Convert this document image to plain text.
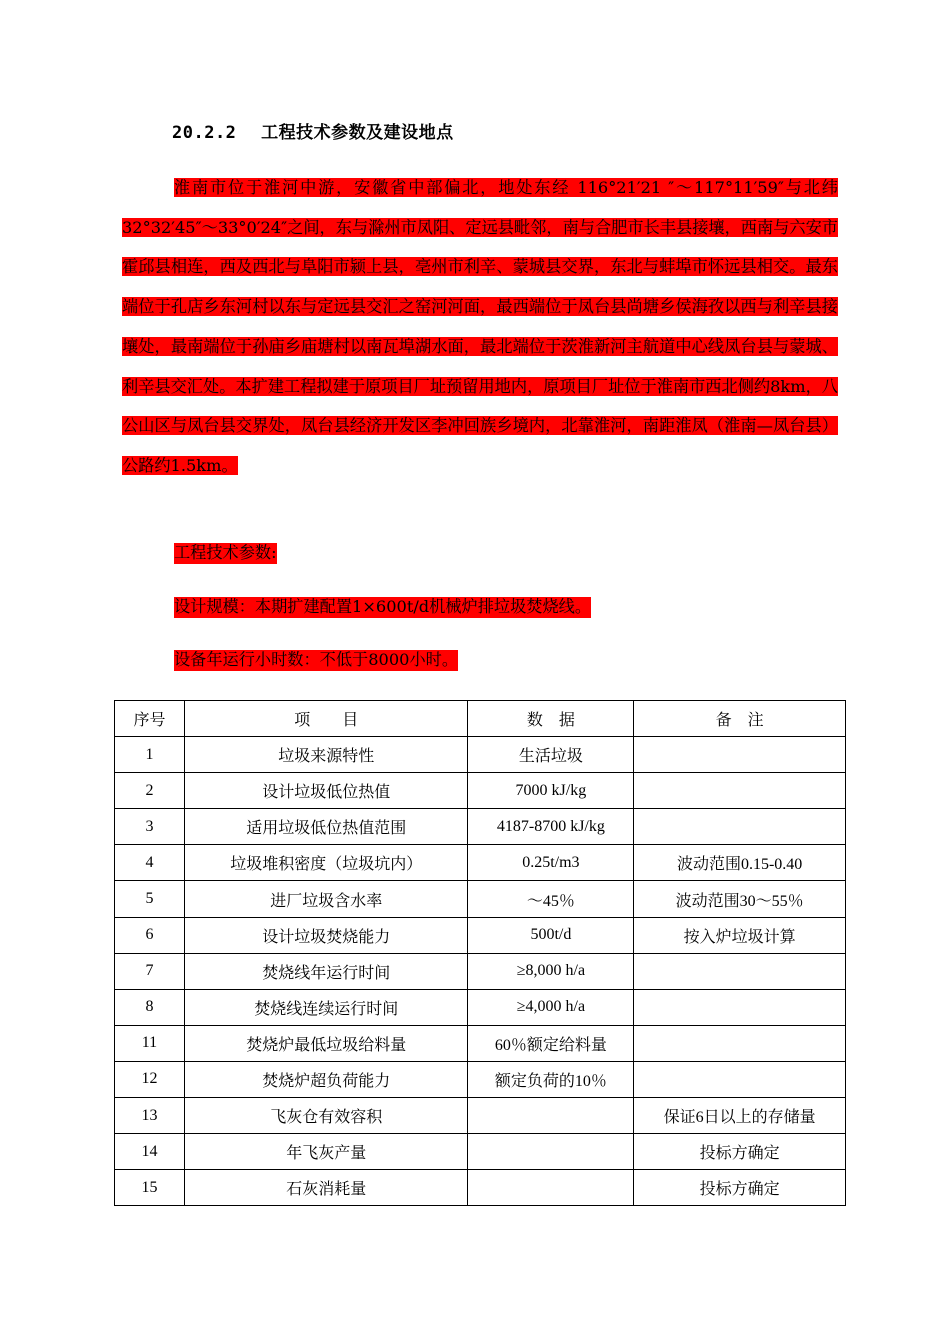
20.2.2 工程技术参数及建设地点
淮南市位于淮河中游，安徽省中部偏北，地处东经 116°21′21 ″～117°11′59″与北纬32°32′45″～33°0′24″之间，东与滁州市凤阳、定远县毗邻，南与合肥市长丰县接壤，西南与六安市霍邱县相连，西及西北与阜阳市颍上县，亳州市利辛、蒙城县交界，东北与蚌埠市怀远县相交。最东端位于孔店乡东河村以东与定远县交汇之窑河河面，最西端位于凤台县尚塘乡侯海孜以西与利辛县接壤处，最南端位于孙庙乡庙塘村以南瓦埠湖水面，最北端位于茨淮新河主航道中心线凤台县与蒙城、利辛县交汇处。本扩建工程拟建于原项目厂址预留用地内，原项目厂址位于淮南市西北侧约8km，八公山区与凤台县交界处，凤台县经济开发区李冲回族乡境内，北靠淮河，南距淮凤（淮南—凤台县）公路约1.5km。
工程技术参数:
设计规模：本期扩建配置1×600t/d机械炉排垃圾焚烧线。
设备年运行小时数：不低于8000小时。
序号	项　　目	数　据	备　注
1	垃圾来源特性	生活垃圾	
2	设计垃圾低位热值	7000 kJ/kg	
3	适用垃圾低位热值范围	4187-8700 kJ/kg	
4	垃圾堆积密度（垃圾坑内）	0.25t/m3	波动范围0.15-0.40
5	进厂垃圾含水率	～45％	波动范围30～55％
6	设计垃圾焚烧能力	500t/d	按入炉垃圾计算
7	焚烧线年运行时间	≥8,000 h/a	
8	焚烧线连续运行时间	≥4,000 h/a	
11	焚烧炉最低垃圾给料量	60％额定给料量	
12	焚烧炉超负荷能力	额定负荷的10％	
13	飞灰仓有效容积		保证6日以上的存储量
14	年飞灰产量		投标方确定
15	石灰消耗量		投标方确定
